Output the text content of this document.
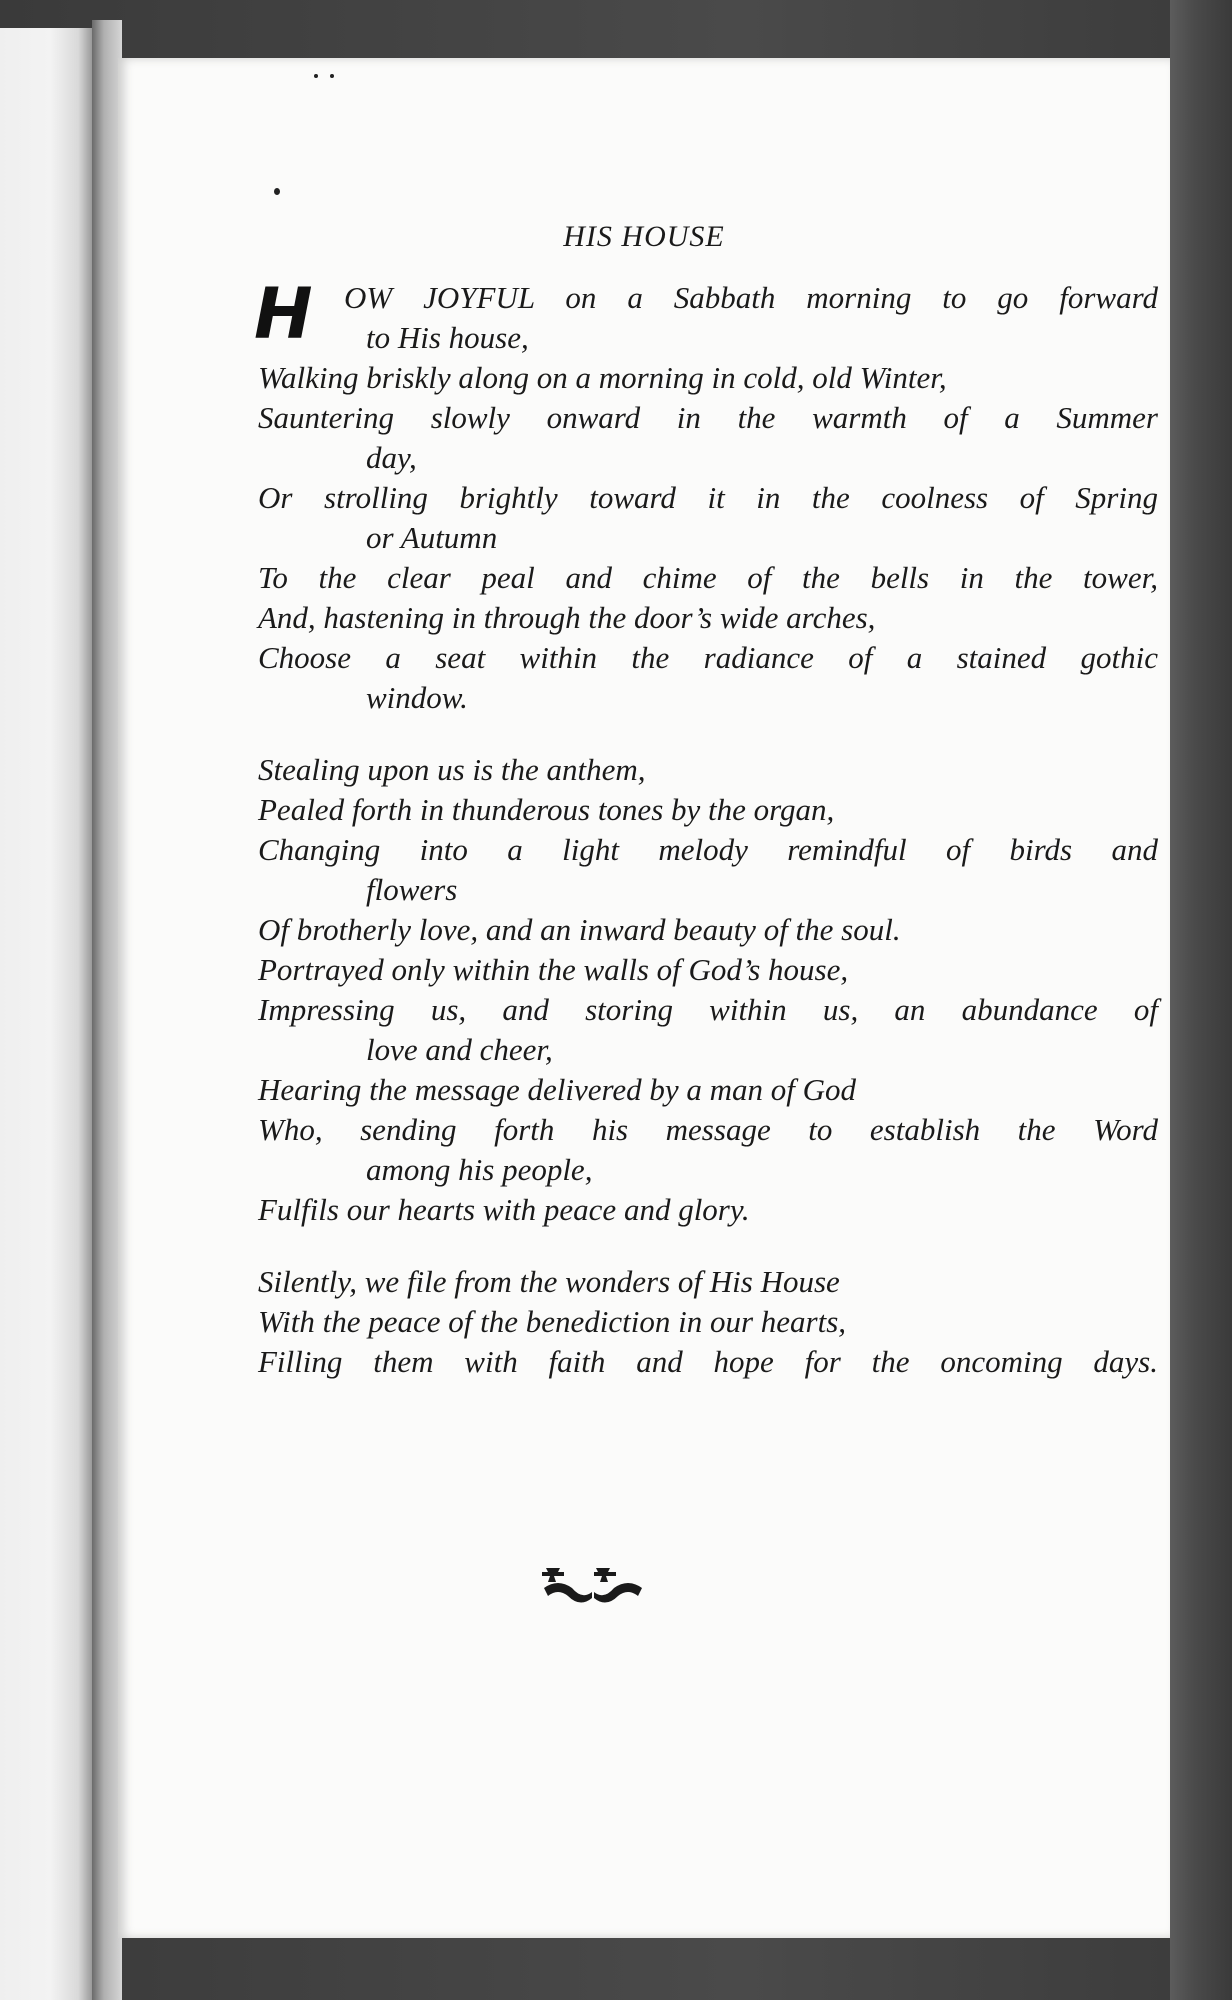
HIS HOUSE
H	OW JOYFUL on a Sabbath morning to go forward
to His house,
Walking briskly along on a morning in cold, old Winter,
Sauntering slowly onward in the warmth of a Summer
day,
Or strolling brightly toward it in the coolness of Spring
or Autumn
To the clear peal and chime of the bells in the tower,
And, hastening in through the door’s wide arches,
Choose a seat within the radiance of a stained gothic
window.
Stealing upon us is the anthem,
Pealed forth in thunderous tones by the organ,
Changing into a light melody remindful of birds and
flowers
Of brotherly love, and an inward beauty of the soul.
Portrayed only within the walls of God’s house,
Impressing us, and storing within us, an abundance of
love and cheer,
Hearing the message delivered by a man of God
Who, sending forth his message to establish the Word
among his people,
Fulfils our hearts with peace and glory.
Silently, we file from the wonders of His House
With the peace of the benediction in our hearts,
Filling them with faith and hope for the oncoming days.
